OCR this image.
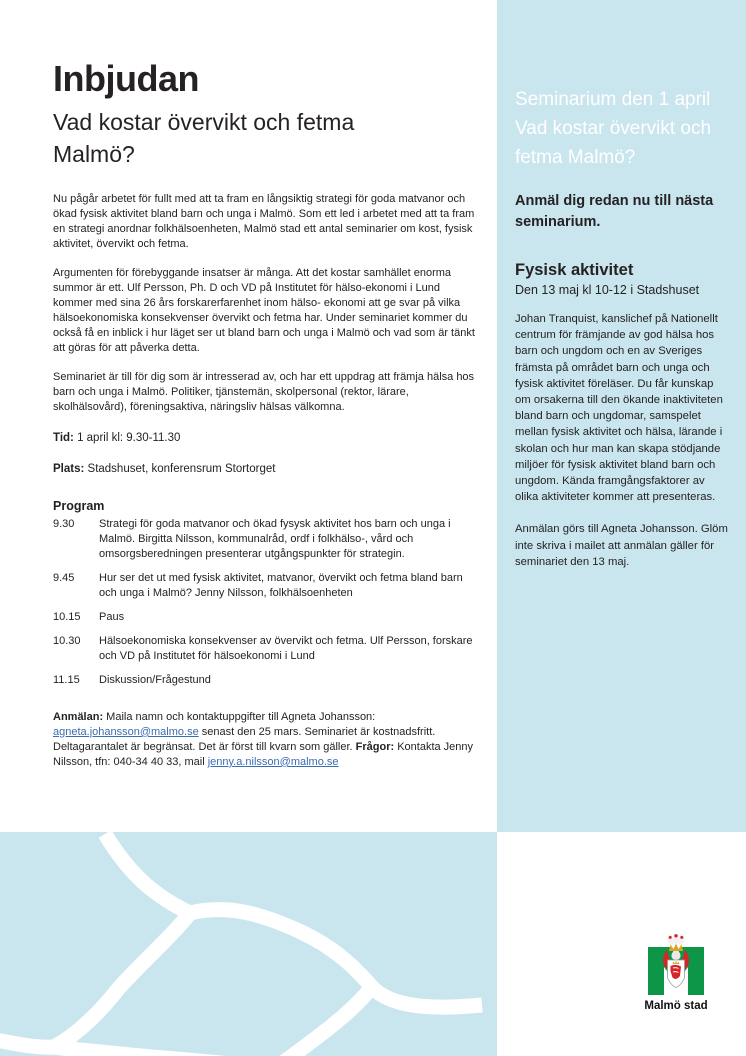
Inbjudan
Vad kostar övervikt och fetma
Malmö?

Nu pågår arbetet för fullt med att ta fram en långsiktig strategi för goda matvanor och ökad fysisk aktivitet bland barn och unga i Malmö. Som ett led i arbetet med att ta fram en strategi anordnar folkhälsoenheten, Malmö stad ett antal seminarier om kost, fysisk aktivitet, övervikt och fetma.

Argumenten för förebyggande insatser är många. Att det kostar samhället enorma summor är ett. Ulf Persson, Ph. D och VD på Institutet för hälso-ekonomi i Lund kommer med sina 26 års forskarerfarenhet inom hälso- ekonomi att ge svar på vilka hälsoekonomiska konsekvenser övervikt och fetma har. Under seminariet kommer du också få en inblick i hur läget ser ut bland barn och unga i Malmö och vad som är tänkt att göras för att påverka detta.

Seminariet är till för dig som är intresserad av, och har ett uppdrag att främja hälsa hos barn och unga i Malmö. Politiker, tjänstemän, skolpersonal (rektor, lärare, skolhälsovård), föreningsaktiva, näringsliv hälsas välkomna.

Tid: 1 april kl: 9.30-11.30

Plats: Stadshuset, konferensrum Stortorget

Program
9.30	Strategi för goda matvanor och ökad fysysk aktivitet hos barn och unga i Malmö. Birgitta Nilsson, kommunalråd, ordf i folkhälso-, vård och omsorgsberedningen presenterar utgångspunkter för strategin.
9.45	Hur ser det ut med fysisk aktivitet, matvanor, övervikt och fetma bland barn och unga i Malmö? Jenny Nilsson, folkhälsoenheten
10.15	Paus
10.30	Hälsoekonomiska konsekvenser av övervikt och fetma. Ulf Persson, forskare och VD på Institutet för hälsoekonomi i Lund
11.15	Diskussion/Frågestund

Anmälan: Maila namn och kontaktuppgifter till Agneta Johansson: agneta.johansson@malmo.se senast den 25 mars. Seminariet är kostnadsfritt. Deltagarantalet är begränsat. Det är först till kvarn som gäller. Frågor: Kontakta Jenny Nilsson, tfn: 040-34 40 33, mail jenny.a.nilsson@malmo.se

Seminarium den 1 april
Vad kostar övervikt och
fetma Malmö?
Anmäl dig redan nu till nästa seminarium.
Fysisk aktivitet
Den 13 maj kl 10-12 i Stadshuset

Johan Tranquist, kanslichef på Nationellt centrum för främjande av god hälsa hos barn och ungdom och en av Sveriges främsta på området barn och unga och fysisk aktivitet föreläser. Du får kunskap om orsakerna till den ökande inaktiviteten bland barn och ungdomar, samspelet mellan fysisk aktivitet och hälsa, lärande i skolan och hur man kan skapa stödjande miljöer för fysisk aktivitet bland barn och ungdom. Kända framgångsfaktorer av olika aktiviteter kommer att presenteras.

Anmälan görs till Agneta Johansson. Glöm inte skriva i mailet att anmälan gäller för seminariet den 13 maj.

Malmö stad
